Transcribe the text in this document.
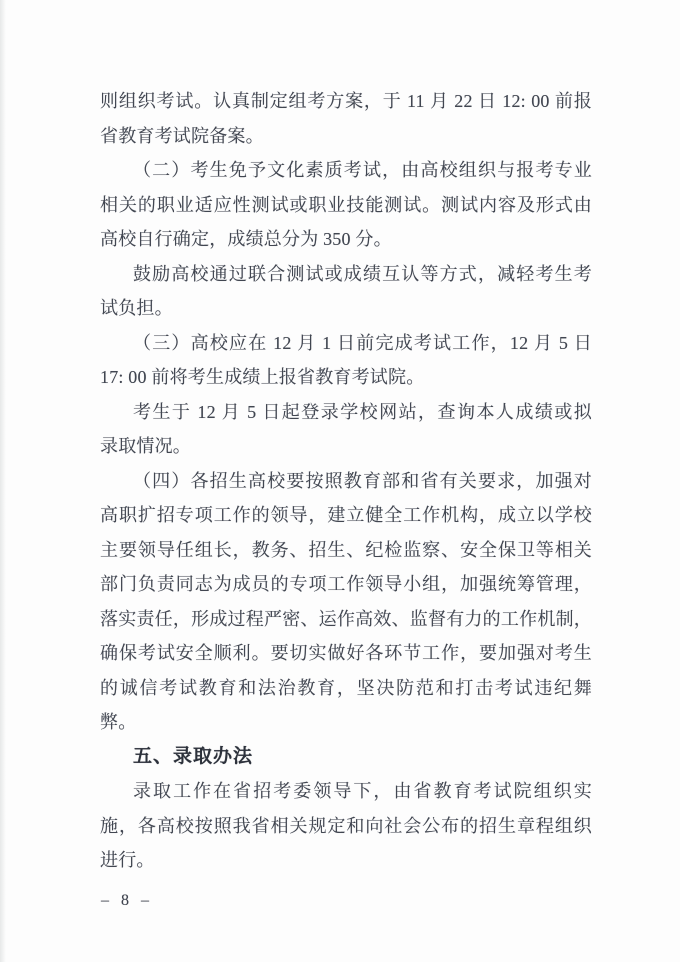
则组织考试。认真制定组考方案，于 11 月 22 日 12: 00 前报
省教育考试院备案。
（二）考生免予文化素质考试，由高校组织与报考专业
相关的职业适应性测试或职业技能测试。测试内容及形式由
高校自行确定，成绩总分为 350 分。
鼓励高校通过联合测试或成绩互认等方式，减轻考生考
试负担。
（三）高校应在 12 月 1 日前完成考试工作，12 月 5 日
17: 00 前将考生成绩上报省教育考试院。
考生于 12 月 5 日起登录学校网站，查询本人成绩或拟
录取情况。
（四）各招生高校要按照教育部和省有关要求，加强对
高职扩招专项工作的领导，建立健全工作机构，成立以学校
主要领导任组长，教务、招生、纪检监察、安全保卫等相关
部门负责同志为成员的专项工作领导小组，加强统筹管理，
落实责任，形成过程严密、运作高效、监督有力的工作机制，
确保考试安全顺利。要切实做好各环节工作，要加强对考生
的诚信考试教育和法治教育，坚决防范和打击考试违纪舞
弊。
五、录取办法
录取工作在省招考委领导下，由省教育考试院组织实
施，各高校按照我省相关规定和向社会公布的招生章程组织
进行。
– 8 –
